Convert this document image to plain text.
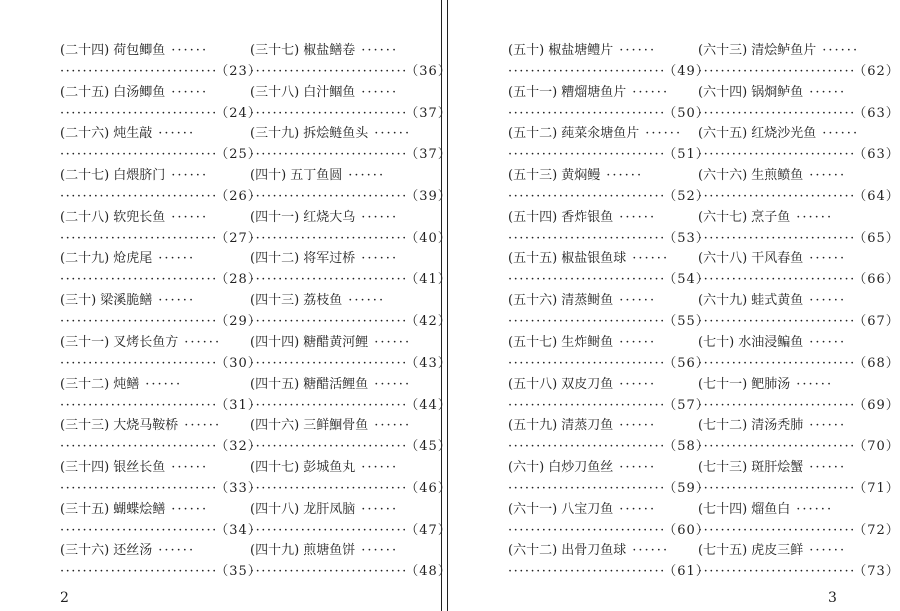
(二十四) 荷包鲫鱼 ······
···························· （23）
(二十五) 白汤鲫鱼 ······
···························· （24）
(二十六) 炖生敲 ······
···························· （25）
(二十七) 白煨脐门 ······
···························· （26）
(二十八) 软兜长鱼 ······
···························· （27）
(二十九) 炝虎尾 ······
···························· （28）
(三十) 梁溪脆鳝 ······
···························· （29）
(三十一) 叉烤长鱼方 ······
···························· （30）
(三十二) 炖鳝 ······
···························· （31）
(三十三) 大烧马鞍桥 ······
···························· （32）
(三十四) 银丝长鱼 ······
···························· （33）
(三十五) 蝴蝶烩鳝 ······
···························· （34）
(三十六) 还丝汤 ······
···························· （35）
(三十七) 椒盐鳝卷 ······
···························· （36）
(三十八) 白汁鲴鱼 ······
···························· （37）
(三十九) 拆烩鲢鱼头 ······
···························· （37）
(四十) 五丁鱼圆 ······
···························· （39）
(四十一) 红烧大乌 ······
···························· （40）
(四十二) 将军过桥 ······
···························· （41）
(四十三) 荔枝鱼 ······
···························· （42）
(四十四) 糖醋黄河鲤 ······
···························· （43）
(四十五) 糖醋活鲤鱼 ······
···························· （44）
(四十六) 三鲜鮰骨鱼 ······
···························· （45）
(四十七) 彭城鱼丸 ······
···························· （46）
(四十八) 龙肝凤脑 ······
···························· （47）
(四十九) 煎塘鱼饼 ······
···························· （48）
2
(五十) 椒盐塘鳢片 ······
···························· （49）
(五十一) 糟熘塘鱼片 ······
···························· （50）
(五十二) 莼菜氽塘鱼片 ······
···························· （51）
(五十三) 黄焖鳗 ······
···························· （52）
(五十四) 香炸银鱼 ······
···························· （53）
(五十五) 椒盐银鱼球 ······
···························· （54）
(五十六) 清蒸鲥鱼 ······
···························· （55）
(五十七) 生炸鲥鱼 ······
···························· （56）
(五十八) 双皮刀鱼 ······
···························· （57）
(五十九) 清蒸刀鱼 ······
···························· （58）
(六十) 白炒刀鱼丝 ······
···························· （59）
(六十一) 八宝刀鱼 ······
···························· （60）
(六十二) 出骨刀鱼球 ······
···························· （61）
(六十三) 清烩鲈鱼片 ······
···························· （62）
(六十四) 锅烱鲈鱼 ······
···························· （63）
(六十五) 红烧沙光鱼 ······
···························· （63）
(六十六) 生煎鲼鱼 ······
···························· （64）
(六十七) 烹子鱼 ······
···························· （65）
(六十八) 干风春鱼 ······
···························· （66）
(六十九) 蛙式黄鱼 ······
···························· （67）
(七十) 水油浸鳊鱼 ······
···························· （68）
(七十一) 鲃肺汤 ······
···························· （69）
(七十二) 清汤秃肺 ······
···························· （70）
(七十三) 斑肝烩蟹 ······
···························· （71）
(七十四) 熘鱼白 ······
···························· （72）
(七十五) 虎皮三鲜 ······
···························· （73）
3
